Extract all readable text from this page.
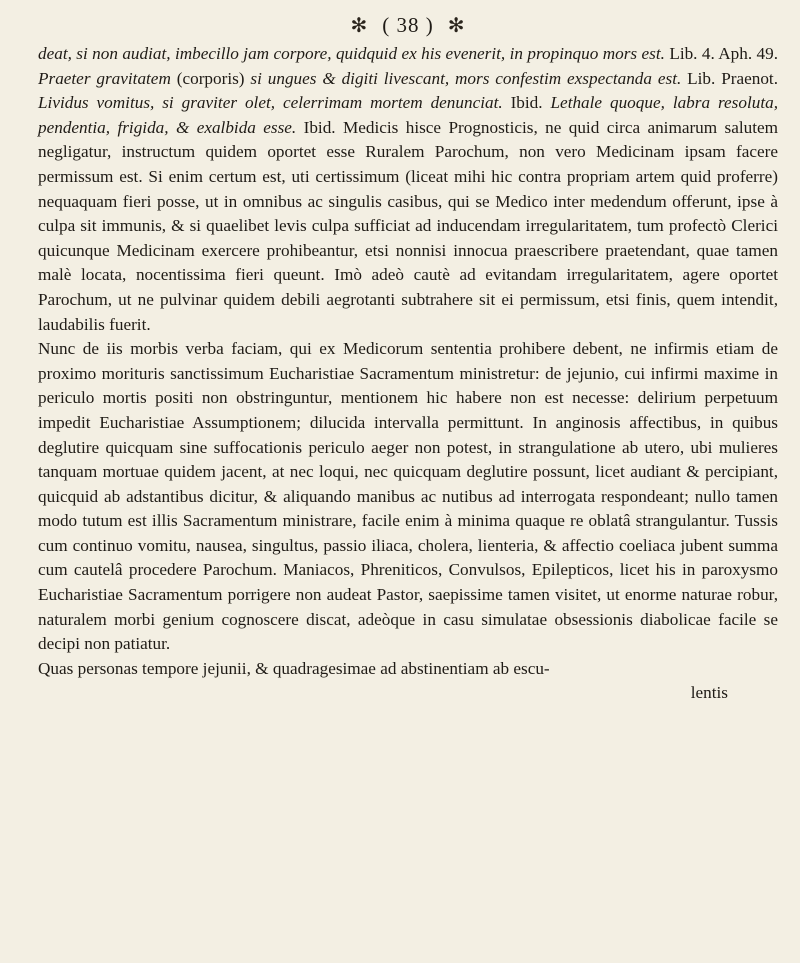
✻ ( 38 ) ✻

deat, si non audiat, imbecillo jam corpore, quidquid ex his evenerit, in propinquo mors est. Lib. 4. Aph. 49. Praeter gravitatem (corporis) si ungues & digiti livescant, mors confestim exspectanda est. Lib. Praenot. Lividus vomitus, si graviter olet, celerrimam mortem denunciat. Ibid. Lethale quoque, labra resoluta, pendentia, frigida, & exalbida esse. Ibid. Medicis hisce Prognosticis, ne quid circa animarum salutem negligatur, instructum quidem oportet esse Ruralem Parochum, non vero Medicinam ipsam facere permissum est. Si enim certum est, uti certissimum (liceat mihi hic contra propriam artem quid proferre) nequaquam fieri posse, ut in omnibus ac singulis casibus, qui se Medico inter medendum offerunt, ipse à culpa sit immunis, & si quaelibet levis culpa sufficiat ad inducendam irregularitatem, tum profectò Clerici quicunque Medicinam exercere prohibeantur, etsi nonnisi innocua praescribere praetendant, quae tamen malè locata, nocentissima fieri queunt. Imò adeò cautè ad evitandam irregularitatem, agere oportet Parochum, ut ne pulvinar quidem debili aegrotanti subtrahere sit ei permissum, etsi finis, quem intendit, laudabilis fuerit.

Nunc de iis morbis verba faciam, qui ex Medicorum sententia prohibere debent, ne infirmis etiam de proximo morituris sanctissimum Eucharistiae Sacramentum ministretur: de jejunio, cui infirmi maxime in periculo mortis positi non obstringuntur, mentionem hic habere non est necesse: delirium perpetuum impedit Eucharistiae Assumptionem; dilucida intervalla permittunt. In anginosis affectibus, in quibus deglutire quicquam sine suffocationis periculo aeger non potest, in strangulatione ab utero, ubi mulieres tanquam mortuae quidem jacent, at nec loqui, nec quicquam deglutire possunt, licet audiant & percipiant, quicquid ab adstantibus dicitur, & aliquando manibus ac nutibus ad interrogata respondeant; nullo tamen modo tutum est illis Sacramentum ministrare, facile enim à minima quaque re oblatâ strangulantur. Tussis cum continuo vomitu, nausea, singultus, passio iliaca, cholera, lienteria, & affectio coeliaca jubent summa cum cautelâ procedere Parochum. Maniacos, Phreniticos, Convulsos, Epilepticos, licet his in paroxysmo Eucharistiae Sacramentum porrigere non audeat Pastor, saepissime tamen visitet, ut enorme naturae robur, naturalem morbi genium cognoscere discat, adeòque in casu simulatae obsessionis diabolicae facile se decipi non patiatur.

Quas personas tempore jejunii, & quadragesimae ad abstinentiam ab escu-

lentis
